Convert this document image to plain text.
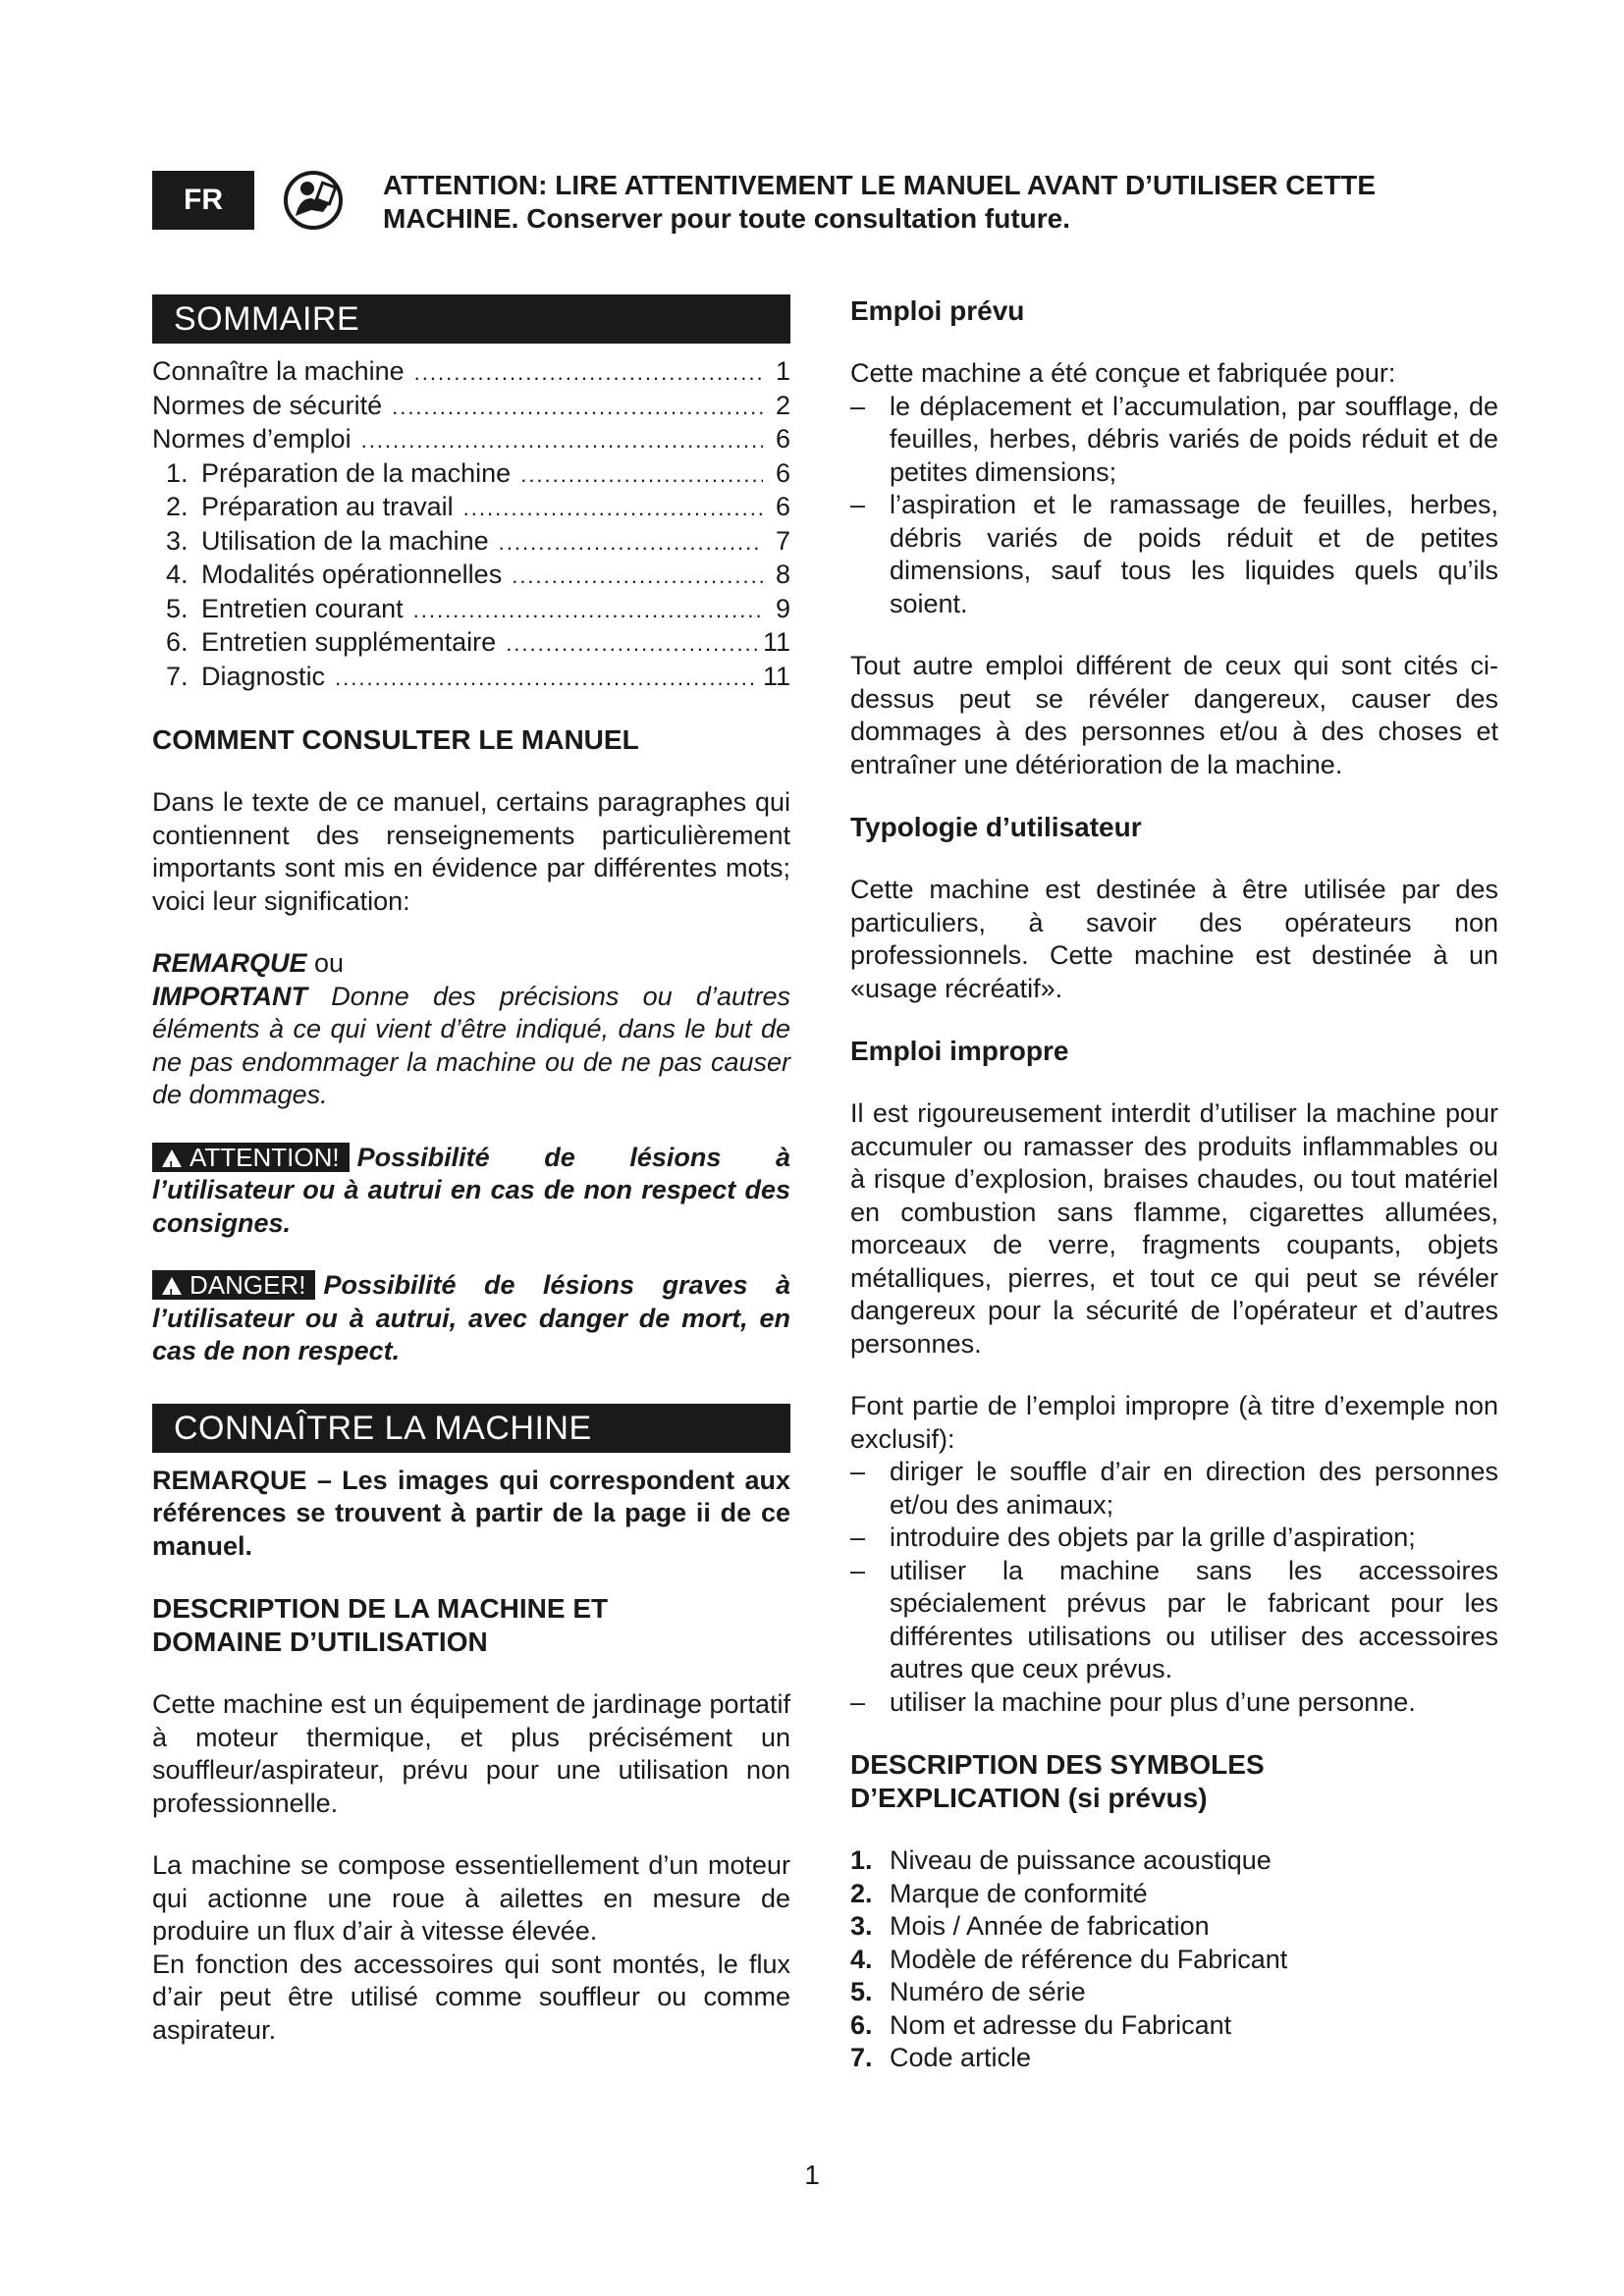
FR	ATTENTION: LIRE ATTENTIVEMENT LE MANUEL AVANT D’UTILISER CETTE
MACHINE. Conserver pour toute consultation future.
SOMMAIRE
Connaître la machine .....	1
Normes de sécurité .....	2
Normes d’emploi .....	6
1. Préparation de la machine .....	6
2. Préparation au travail .....	6
3. Utilisation de la machine .....	7
4. Modalités opérationnelles .....	8
5. Entretien courant .....	9
6. Entretien supplémentaire .....	11
7. Diagnostic .....	11
COMMENT CONSULTER LE MANUEL
Dans le texte de ce manuel, certains paragraphes qui contiennent des renseignements particulièrement importants sont mis en évidence par différentes mots; voici leur signification:
REMARQUE ou
IMPORTANT Donne des précisions ou d’autres éléments à ce qui vient d’être indiqué, dans le but de ne pas endommager la machine ou de ne pas causer de dommages.
!ATTENTION! Possibilité de lésions à l’utilisateur ou à autrui en cas de non respect des consignes.
!DANGER! Possibilité de lésions graves à l’utilisateur ou à autrui, avec danger de mort, en cas de non respect.
CONNAÎTRE LA MACHINE
REMARQUE – Les images qui correspondent aux références se trouvent à partir de la page ii de ce manuel.
DESCRIPTION DE LA MACHINE ET
DOMAINE D’UTILISATION
Cette machine est un équipement de jardinage portatif à moteur thermique, et plus précisément un souffleur/aspirateur, prévu pour une utilisation non professionnelle.
La machine se compose essentiellement d’un moteur qui actionne une roue à ailettes en mesure de produire un flux d’air à vitesse élevée.
En fonction des accessoires qui sont montés, le flux d’air peut être utilisé comme souffleur ou comme aspirateur.
Emploi prévu
Cette machine a été conçue et fabriquée pour:
– le déplacement et l’accumulation, par soufflage, de feuilles, herbes, débris variés de poids réduit et de petites dimensions;
– l’aspiration et le ramassage de feuilles, herbes, débris variés de poids réduit et de petites dimensions, sauf tous les liquides quels qu’ils soient.
Tout autre emploi différent de ceux qui sont cités ci-dessus peut se révéler dangereux, causer des dommages à des personnes et/ou à des choses et entraîner une détérioration de la machine.
Typologie d’utilisateur
Cette machine est destinée à être utilisée par des particuliers, à savoir des opérateurs non professionnels. Cette machine est destinée à un «usage récréatif».
Emploi impropre
Il est rigoureusement interdit d’utiliser la machine pour accumuler ou ramasser des produits inflammables ou à risque d’explosion, braises chaudes, ou tout matériel en combustion sans flamme, cigarettes allumées, morceaux de verre, fragments coupants, objets métalliques, pierres, et tout ce qui peut se révéler dangereux pour la sécurité de l’opérateur et d’autres personnes.
Font partie de l’emploi impropre (à titre d’exemple non exclusif):
– diriger le souffle d’air en direction des personnes et/ou des animaux;
– introduire des objets par la grille d’aspiration;
– utiliser la machine sans les accessoires spécialement prévus par le fabricant pour les différentes utilisations ou utiliser des accessoires autres que ceux prévus.
– utiliser la machine pour plus d’une personne.
DESCRIPTION DES SYMBOLES
D’EXPLICATION (si prévus)
1. Niveau de puissance acoustique
2. Marque de conformité
3. Mois / Année de fabrication
4. Modèle de référence du Fabricant
5. Numéro de série
6. Nom et adresse du Fabricant
7. Code article
1
